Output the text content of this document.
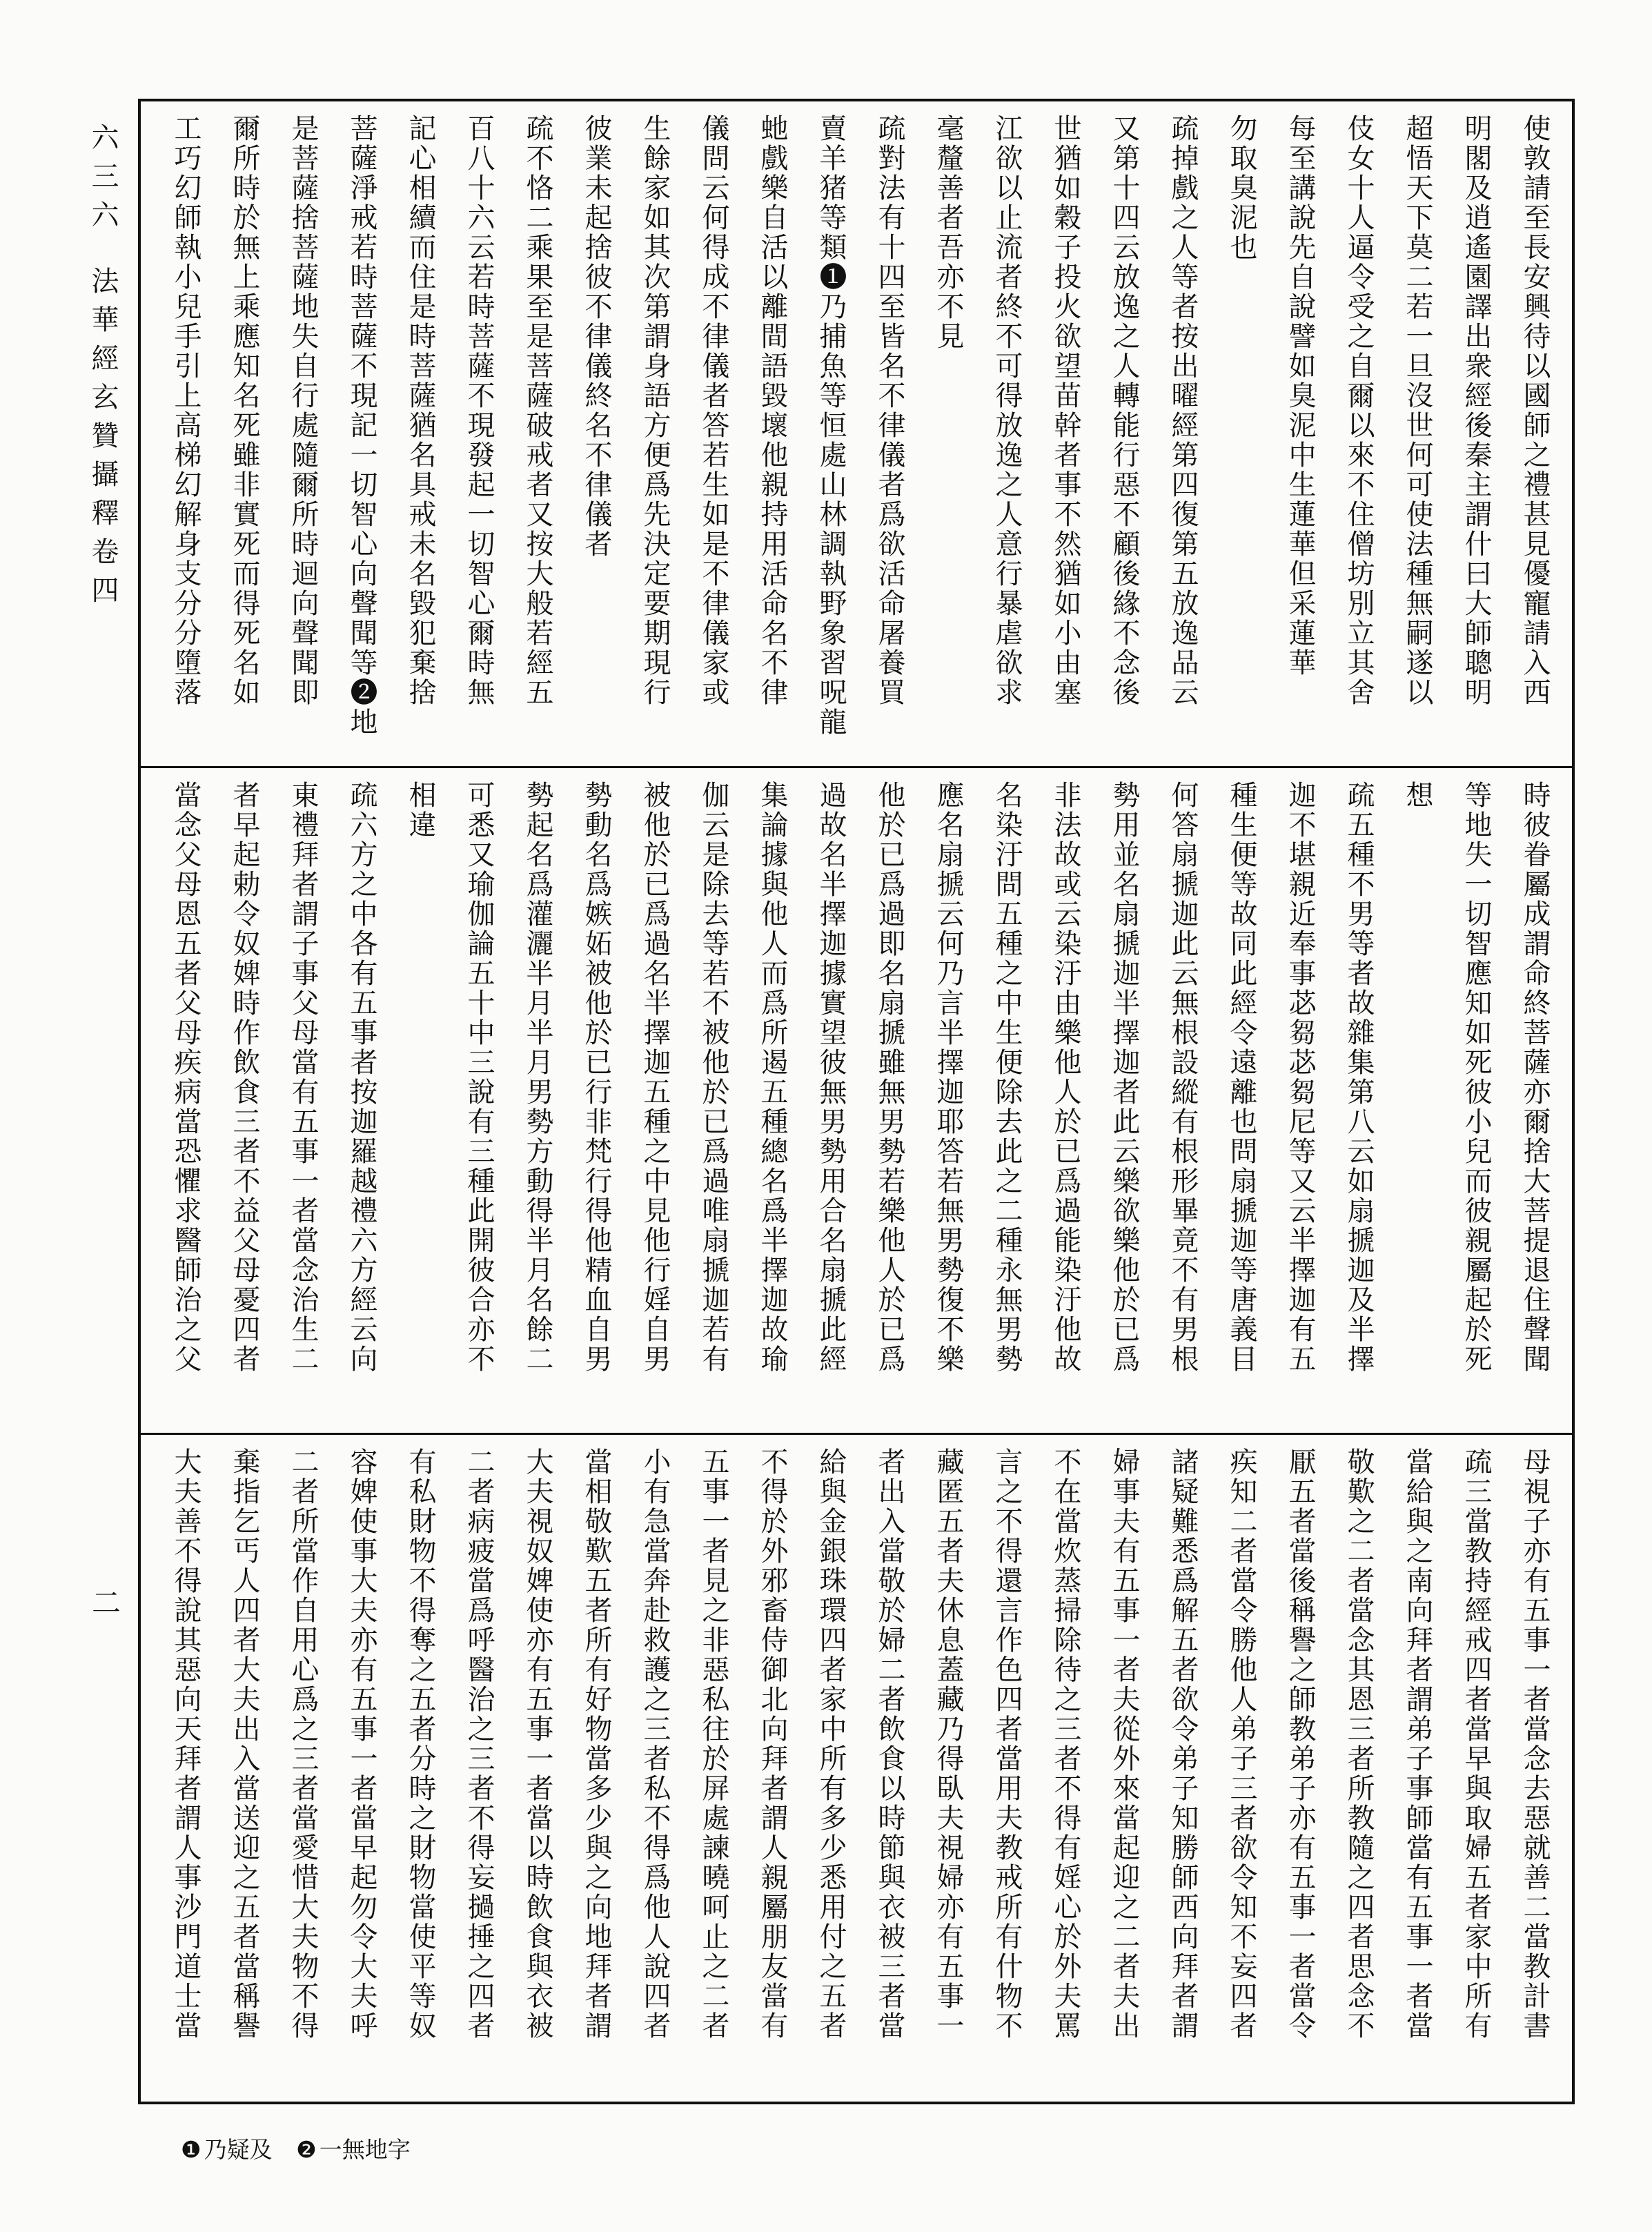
六三六法華經玄贊攝釋卷四
二
使敦請至長安興待以國師之禮甚見優寵請入西
明閣及逍遙園譯出衆經後秦主謂什曰大師聰明
超悟天下莫二若一旦沒世何可使法種無嗣遂以
伎女十人逼令受之自爾以來不住僧坊別立其舍
每至講說先自說譬如臭泥中生蓮華但采蓮華
勿取臭泥也
疏掉戲之人等者按出曜經第四復第五放逸品云
又第十四云放逸之人轉能行惡不顧後緣不念後
世猶如穀子投火欲望苗幹者事不然猶如小由塞
江欲以止流者終不可得放逸之人意行暴虐欲求
毫釐善者吾亦不見
疏對法有十四至皆名不律儀者爲欲活命屠養買
賣羊猪等類❶乃捕魚等恒處山林調執野象習呪龍
虵戲樂自活以離間語毀壞他親持用活命名不律
儀問云何得成不律儀者答若生如是不律儀家或
生餘家如其次第謂身語方便爲先決定要期現行
彼業未起捨彼不律儀終名不律儀者
疏不恪二乘果至是菩薩破戒者又按大般若經五
百八十六云若時菩薩不現發起一切智心爾時無
記心相續而住是時菩薩猶名具戒未名毀犯棄捨
菩薩淨戒若時菩薩不現記一切智心向聲聞等❷地
是菩薩捨菩薩地失自行處隨爾所時迴向聲聞即
爾所時於無上乘應知名死雖非實死而得死名如
工巧幻師執小兒手引上高梯幻解身支分分墮落
時彼眷屬成謂命終菩薩亦爾捨大菩提退住聲聞
等地失一切智應知如死彼小兒而彼親屬起於死
想
疏五種不男等者故雜集第八云如扇搋迦及半擇
迦不堪親近奉事苾芻苾芻尼等又云半擇迦有五
種生便等故同此經令遠離也問扇搋迦等唐義目
何答扇搋迦此云無根設縱有根形畢竟不有男根
勢用並名扇搋迦半擇迦者此云樂欲樂他於已爲
非法故或云染汙由樂他人於已爲過能染汙他故
名染汙問五種之中生便除去此之二種永無男勢
應名扇搋云何乃言半擇迦耶答若無男勢復不樂
他於已爲過即名扇搋雖無男勢若樂他人於已爲
過故名半擇迦據實望彼無男勢用合名扇搋此經
集論據與他人而爲所遏五種總名爲半擇迦故瑜
伽云是除去等若不被他於已爲過唯扇搋迦若有
被他於已爲過名半擇迦五種之中見他行婬自男
勢動名爲嫉妬被他於已行非梵行得他精血自男
勢起名爲灌灑半月半月男勢方動得半月名餘二
可悉又瑜伽論五十中三說有三種此開彼合亦不
相違
疏六方之中各有五事者按迦羅越禮六方經云向
東禮拜者謂子事父母當有五事一者當念治生二
者早起勅令奴婢時作飲食三者不益父母憂四者
當念父母恩五者父母疾病當恐懼求醫師治之父
母視子亦有五事一者當念去惡就善二當教計書
疏三當教持經戒四者當早與取婦五者家中所有
當給與之南向拜者謂弟子事師當有五事一者當
敬歎之二者當念其恩三者所教隨之四者思念不
厭五者當後稱譽之師教弟子亦有五事一者當令
疾知二者當令勝他人弟子三者欲令知不妄四者
諸疑難悉爲解五者欲令弟子知勝師西向拜者謂
婦事夫有五事一者夫從外來當起迎之二者夫出
不在當炊蒸掃除待之三者不得有婬心於外夫罵
言之不得還言作色四者當用夫教戒所有什物不
藏匿五者夫休息蓋藏乃得臥夫視婦亦有五事一
者出入當敬於婦二者飲食以時節與衣被三者當
給與金銀珠環四者家中所有多少悉用付之五者
不得於外邪畜侍御北向拜者謂人親屬朋友當有
五事一者見之非惡私往於屏處諫曉呵止之二者
小有急當奔赴救護之三者私不得爲他人說四者
當相敬歎五者所有好物當多少與之向地拜者謂
大夫視奴婢使亦有五事一者當以時飲食與衣被
二者病疲當爲呼醫治之三者不得妄撾捶之四者
有私財物不得奪之五者分時之財物當使平等奴
容婢使事大夫亦有五事一者當早起勿令大夫呼
二者所當作自用心爲之三者當愛惜大夫物不得
棄指乞丐人四者大夫出入當送迎之五者當稱譽
大夫善不得說其惡向天拜者謂人事沙門道士當
❶ 乃疑及 ❷ 一無地字
